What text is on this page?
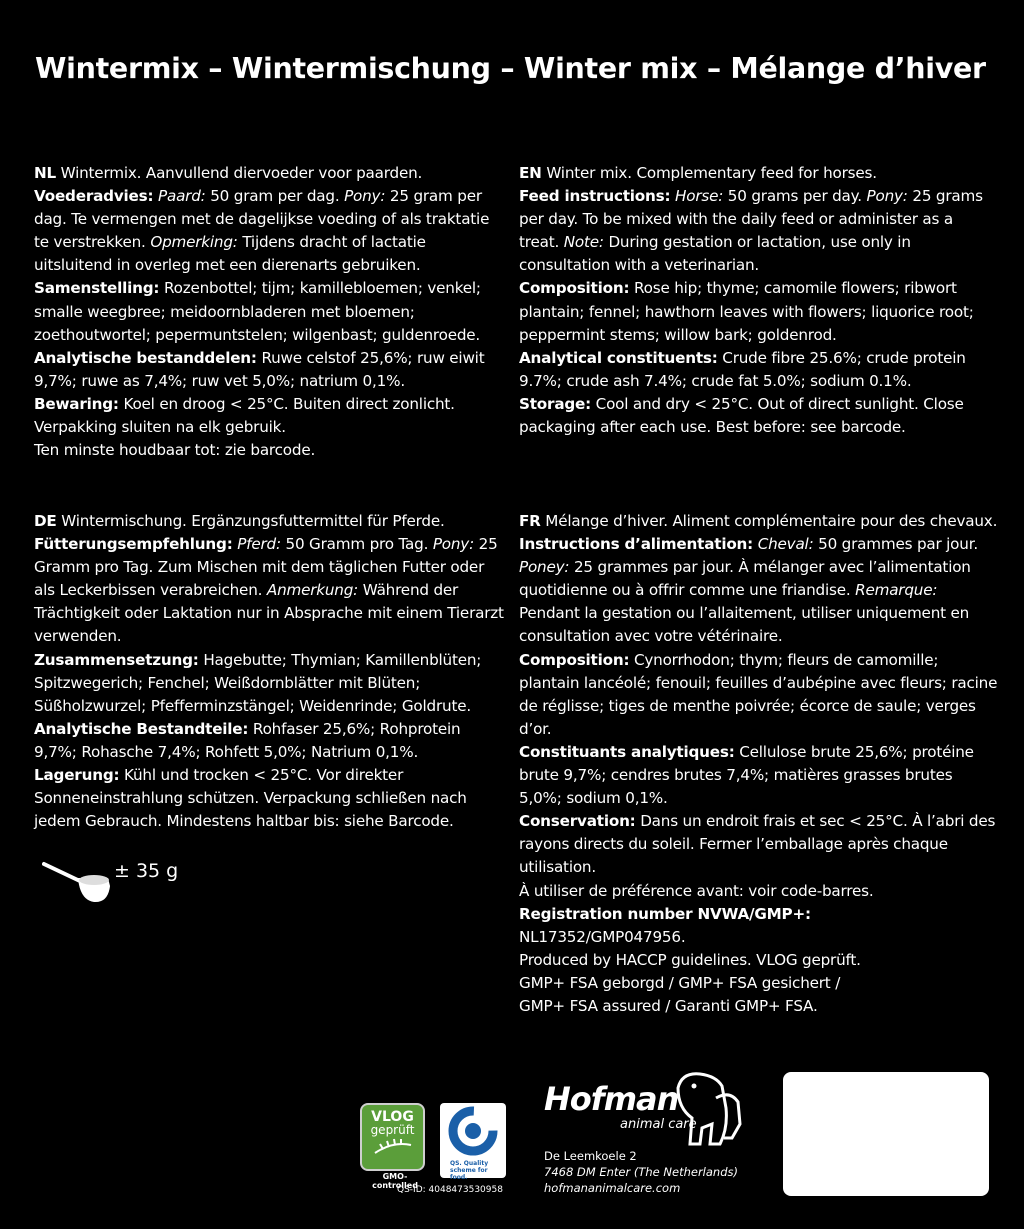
Wintermix – Wintermischung – Winter mix – Mélange d’hiver

NL Wintermix. Aanvullend diervoeder voor paarden.

Voederadvies: Paard: 50 gram per dag. Pony: 25 gram per dag. Te vermengen met de dagelijkse voeding of als traktatie te verstrekken. Opmerking: Tijdens dracht of lactatie uitsluitend in overleg met een dierenarts gebruiken.

Samenstelling: Rozenbottel; tijm; kamillebloemen; venkel; smalle weegbree; meidoornbladeren met bloemen; zoethoutwortel; pepermuntstelen; wilgenbast; guldenroede.

Analytische bestanddelen: Ruwe celstof 25,6%; ruw eiwit 9,7%; ruwe as 7,4%; ruw vet 5,0%; natrium 0,1%.

Bewaring: Koel en droog < 25°C. Buiten direct zonlicht. Verpakking sluiten na elk gebruik.

Ten minste houdbaar tot: zie barcode.

EN Winter mix. Complementary feed for horses.

Feed instructions: Horse: 50 grams per day. Pony: 25 grams per day. To be mixed with the daily feed or administer as a treat. Note: During gestation or lactation, use only in consultation with a veterinarian.

Composition: Rose hip; thyme; camomile flowers; ribwort plantain; fennel; hawthorn leaves with flowers; liquorice root; peppermint stems; willow bark; goldenrod.

Analytical constituents: Crude fibre 25.6%; crude protein 9.7%; crude ash 7.4%; crude fat 5.0%; sodium 0.1%.

Storage: Cool and dry < 25°C. Out of direct sunlight. Close packaging after each use. Best before: see barcode.

DE Wintermischung. Ergänzungsfuttermittel für Pferde.

Fütterungsempfehlung: Pferd: 50 Gramm pro Tag. Pony: 25 Gramm pro Tag. Zum Mischen mit dem täglichen Futter oder als Leckerbissen verabreichen. Anmerkung: Während der Trächtigkeit oder Laktation nur in Absprache mit einem Tierarzt verwenden.

Zusammensetzung: Hagebutte; Thymian; Kamillenblüten; Spitzwegerich; Fenchel; Weißdornblätter mit Blüten; Süßholzwurzel; Pfefferminzstängel; Weidenrinde; Goldrute.

Analytische Bestandteile: Rohfaser 25,6%; Rohprotein 9,7%; Rohasche 7,4%; Rohfett 5,0%; Natrium 0,1%.

Lagerung: Kühl und trocken < 25°C. Vor direkter Sonneneinstrahlung schützen. Verpackung schließen nach jedem Gebrauch. Mindestens haltbar bis: siehe Barcode.

FR Mélange d’hiver. Aliment complémentaire pour des chevaux.

Instructions d’alimentation: Cheval: 50 grammes par jour. Poney: 25 grammes par jour. À mélanger avec l’alimentation quotidienne ou à offrir comme une friandise. Remarque: Pendant la gestation ou l’allaitement, utiliser uniquement en consultation avec votre vétérinaire.

Composition: Cynorrhodon; thym; fleurs de camomille; plantain lancéolé; fenouil; feuilles d’aubépine avec fleurs; racine de réglisse; tiges de menthe poivrée; écorce de saule; verges d’or.

Constituants analytiques: Cellulose brute 25,6%; protéine brute 9,7%; cendres brutes 7,4%; matières grasses brutes 5,0%; sodium 0,1%.

Conservation: Dans un endroit frais et sec < 25°C. À l’abri des rayons directs du soleil. Fermer l’emballage après chaque utilisation.

À utiliser de préférence avant: voir code-barres.

Registration number NVWA/GMP+:

NL17352/GMP047956.

Produced by HACCP guidelines. VLOG geprüft.

GMP+ FSA geborgd / GMP+ FSA gesichert /

GMP+ FSA assured / Garanti GMP+ FSA.

± 35 g
VLOG
geprüft
GMO-controlled
QS. Quality scheme for food.
QS-ID: 4048473530958
Hofman
animal care
De Leemkoele 2
7468 DM Enter (The Netherlands)
hofmananimalcare.com
